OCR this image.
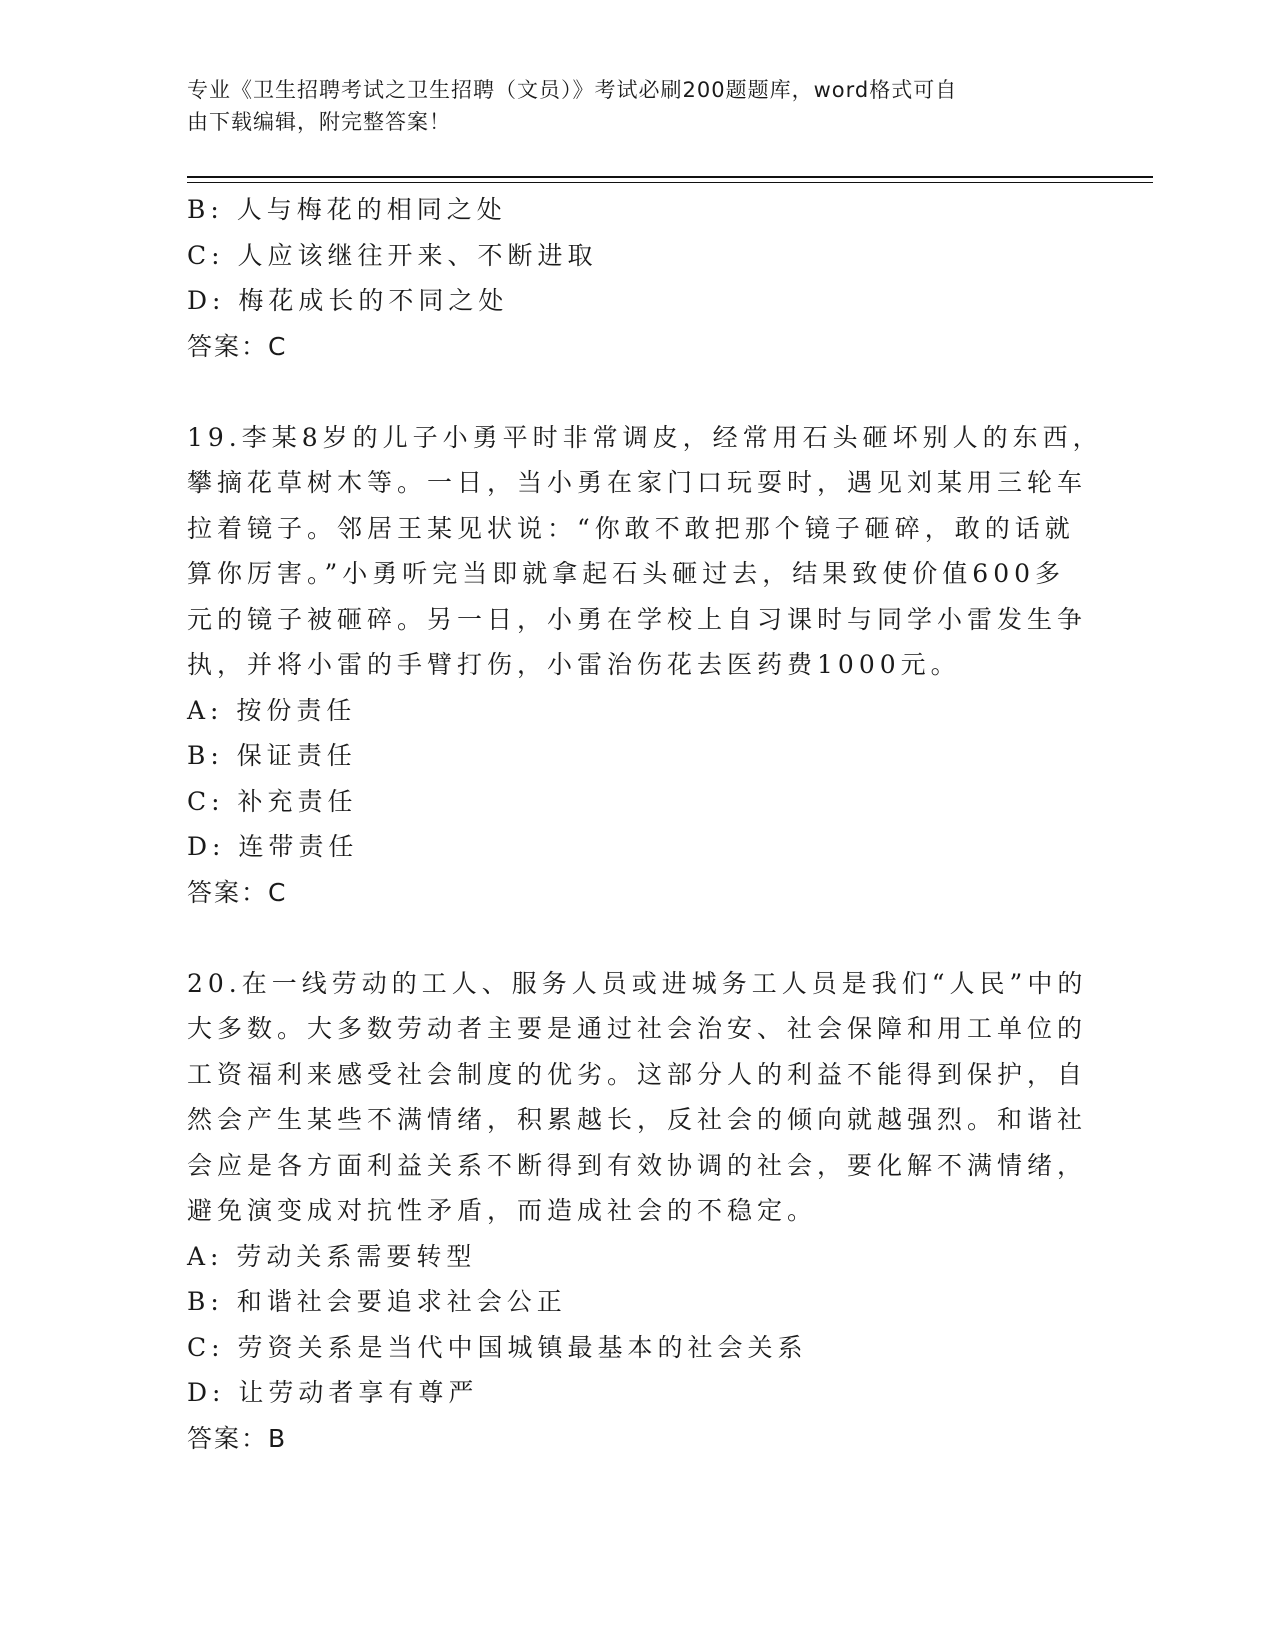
专业《卫生招聘考试之卫生招聘（文员）》考试必刷200题题库，word格式可自
由下载编辑，附完整答案！
B: 人与梅花的相同之处
C: 人应该继往开来、不断进取
D: 梅花成长的不同之处
答案：C
19.李某8岁的儿子小勇平时非常调皮，经常用石头砸坏别人的东西，
攀摘花草树木等。一日，当小勇在家门口玩耍时，遇见刘某用三轮车
拉着镜子。邻居王某见状说：“你敢不敢把那个镜子砸碎，敢的话就
算你厉害。”小勇听完当即就拿起石头砸过去，结果致使价值600多
元的镜子被砸碎。另一日，小勇在学校上自习课时与同学小雷发生争
执，并将小雷的手臂打伤，小雷治伤花去医药费1000元。
A: 按份责任
B: 保证责任
C: 补充责任
D: 连带责任
答案：C
20.在一线劳动的工人、服务人员或进城务工人员是我们“人民”中的
大多数。大多数劳动者主要是通过社会治安、社会保障和用工单位的
工资福利来感受社会制度的优劣。这部分人的利益不能得到保护，自
然会产生某些不满情绪，积累越长，反社会的倾向就越强烈。和谐社
会应是各方面利益关系不断得到有效协调的社会，要化解不满情绪，
避免演变成对抗性矛盾，而造成社会的不稳定。
A: 劳动关系需要转型
B: 和谐社会要追求社会公正
C: 劳资关系是当代中国城镇最基本的社会关系
D: 让劳动者享有尊严
答案：B
